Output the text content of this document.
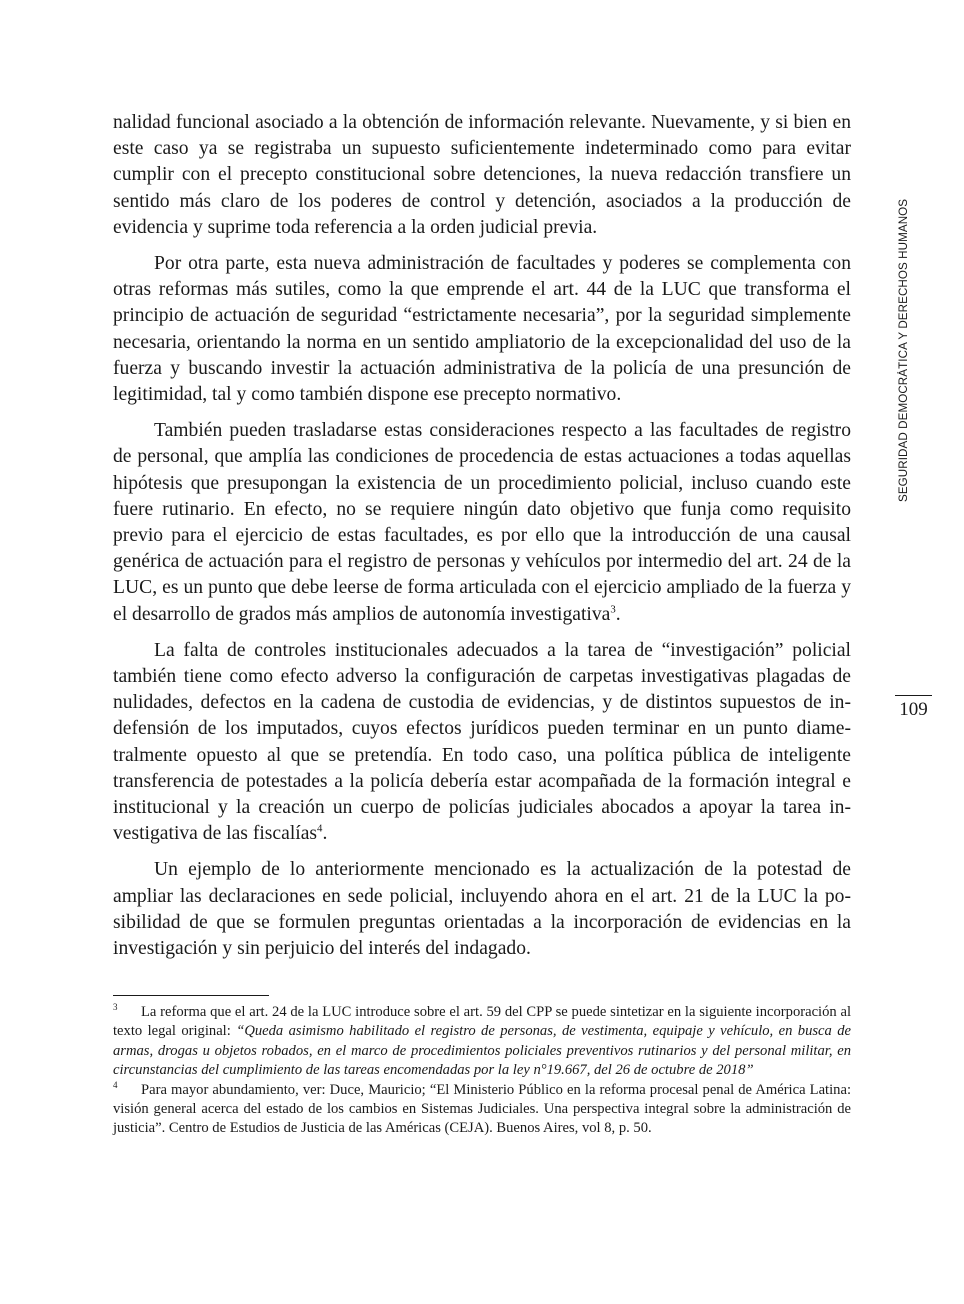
nalidad funcional asociado a la obtención de información relevante. Nuevamente, y si bien en este caso ya se registraba un supuesto suficientemente indeterminado como para evitar cumplir con el precepto constitucional sobre detenciones, la nueva redacción transfiere un sentido más claro de los poderes de control y detención, asociados a la producción de evidencia y suprime toda referencia a la orden judicial previa.

Por otra parte, esta nueva administración de facultades y poderes se complementa con otras reformas más sutiles, como la que emprende el art. 44 de la LUC que transforma el principio de actuación de seguridad “estrictamente necesaria”, por la seguridad simplemente necesaria, orientando la norma en un sentido ampliatorio de la excepcionalidad del uso de la fuerza y buscando investir la actuación administrativa de la policía de una presunción de legitimidad, tal y como también dispone ese precepto normativo.

También pueden trasladarse estas consideraciones respecto a las facultades de registro de personal, que amplía las condiciones de procedencia de estas actuaciones a todas aquellas hipótesis que presupongan la existencia de un procedimiento policial, incluso cuando este fuere rutinario. En efecto, no se requiere ningún dato objetivo que funja como requisito previo para el ejercicio de estas facultades, es por ello que la introducción de una causal genérica de actuación para el registro de personas y vehículos por intermedio del art. 24 de la LUC, es un punto que debe leerse de forma articulada con el ejercicio ampliado de la fuerza y el desarrollo de grados más amplios de autonomía investigativa$^3$.

La falta de controles institucionales adecuados a la tarea de “investigación” policial también tiene como efecto adverso la configuración de carpetas investigativas plagadas de nulidades, defectos en la cadena de custodia de evidencias, y de distintos supuestos de indefensión de los imputados, cuyos efectos jurídicos pueden terminar en un punto diametralmente opuesto al que se pretendía. En todo caso, una política pública de inteligente transferencia de potestades a la policía debería estar acompañada de la formación integral e institucional y la creación un cuerpo de policías judiciales abocados a apoyar la tarea investigativa de las fiscalías$^4$.

Un ejemplo de lo anteriormente mencionado es la actualización de la potestad de ampliar las declaraciones en sede policial, incluyendo ahora en el art. 21 de la LUC la posibilidad de que se formulen preguntas orientadas a la incorporación de evidencias en la investigación y sin perjuicio del interés del indagado.

SEGURIDAD DEMOCRÁTICA Y DERECHOS HUMANOS
109

3 La reforma que el art. 24 de la LUC introduce sobre el art. 59 del CPP se puede sintetizar en la siguiente incorporación al texto legal original: “Queda asimismo habilitado el registro de personas, de vestimenta, equipaje y vehículo, en busca de armas, drogas u objetos robados, en el marco de procedimientos policiales preventivos rutinarios y del personal militar, en circunstancias del cumplimiento de las tareas encomendadas por la ley n°19.667, del 26 de octubre de 2018”

4 Para mayor abundamiento, ver: Duce, Mauricio; “El Ministerio Público en la reforma procesal penal de América Latina: visión general acerca del estado de los cambios en Sistemas Judiciales. Una perspectiva integral sobre la administración de justicia”. Centro de Estudios de Justicia de las Américas (CEJA). Buenos Aires, vol 8, p. 50.
